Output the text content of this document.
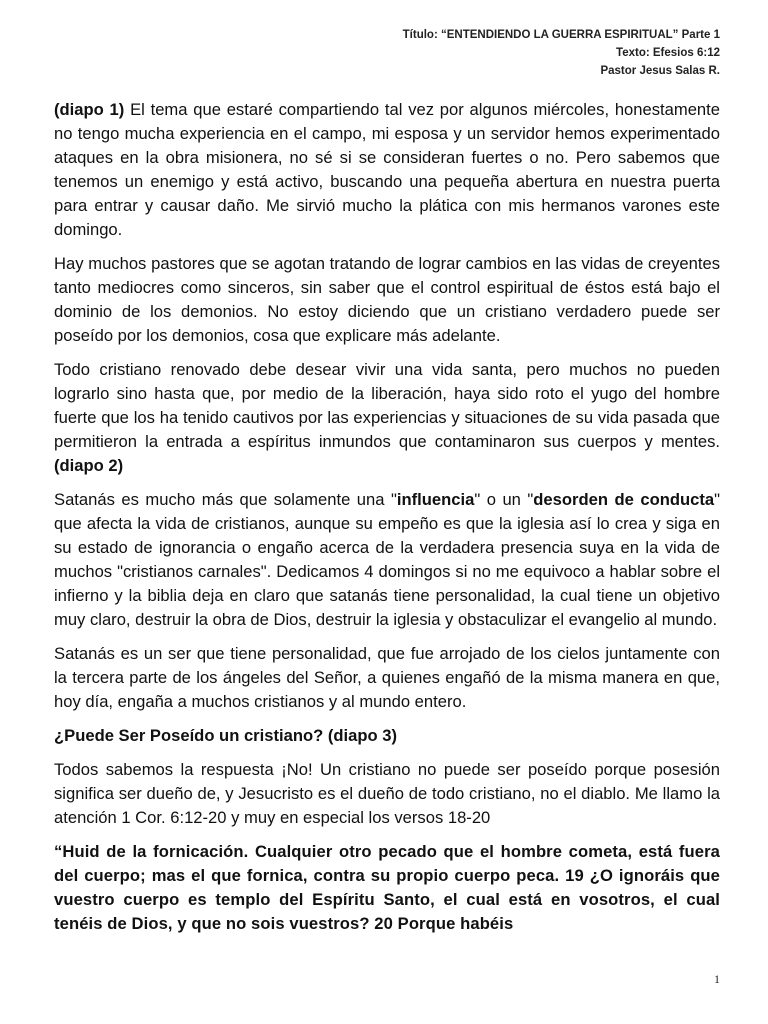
Título: “ENTENDIENDO LA GUERRA ESPIRITUAL” Parte 1
Texto: Efesios 6:12
Pastor Jesus Salas R.

(diapo 1) El tema que estaré compartiendo tal vez por algunos miércoles, honestamente no tengo mucha experiencia en el campo, mi esposa y un servidor hemos experimentado ataques en la obra misionera, no sé si se consideran fuertes o no. Pero sabemos que tenemos un enemigo y está activo, buscando una pequeña abertura en nuestra puerta para entrar y causar daño. Me sirvió mucho la plática con mis hermanos varones este domingo.

Hay muchos pastores que se agotan tratando de lograr cambios en las vidas de creyentes tanto mediocres como sinceros, sin saber que el control espiritual de éstos está bajo el dominio de los demonios. No estoy diciendo que un cristiano verdadero puede ser poseído por los demonios, cosa que explicare más adelante.

Todo cristiano renovado debe desear vivir una vida santa, pero muchos no pueden lograrlo sino hasta que, por medio de la liberación, haya sido roto el yugo del hombre fuerte que los ha tenido cautivos por las experiencias y situaciones de su vida pasada que permitieron la entrada a espíritus inmundos que contaminaron sus cuerpos y mentes. (diapo 2)

Satanás es mucho más que solamente una "influencia" o un "desorden de conducta" que afecta la vida de cristianos, aunque su empeño es que la iglesia así lo crea y siga en su estado de ignorancia o engaño acerca de la verdadera presencia suya en la vida de muchos "cristianos carnales". Dedicamos 4 domingos si no me equivoco a hablar sobre el infierno y la biblia deja en claro que satanás tiene personalidad, la cual tiene un objetivo muy claro, destruir la obra de Dios, destruir la iglesia y obstaculizar el evangelio al mundo.

Satanás es un ser que tiene personalidad, que fue arrojado de los cielos juntamente con la tercera parte de los ángeles del Señor, a quienes engañó de la misma manera en que, hoy día, engaña a muchos cristianos y al mundo entero.

¿Puede Ser Poseído un cristiano? (diapo 3)

Todos sabemos la respuesta ¡No! Un cristiano no puede ser poseído porque posesión significa ser dueño de, y Jesucristo es el dueño de todo cristiano, no el diablo. Me llamo la atención 1 Cor. 6:12-20 y muy en especial los versos 18-20

“Huid de la fornicación. Cualquier otro pecado que el hombre cometa, está fuera del cuerpo; mas el que fornica, contra su propio cuerpo peca. 19 ¿O ignoráis que vuestro cuerpo es templo del Espíritu Santo, el cual está en vosotros, el cual tenéis de Dios, y que no sois vuestros? 20 Porque habéis

1
